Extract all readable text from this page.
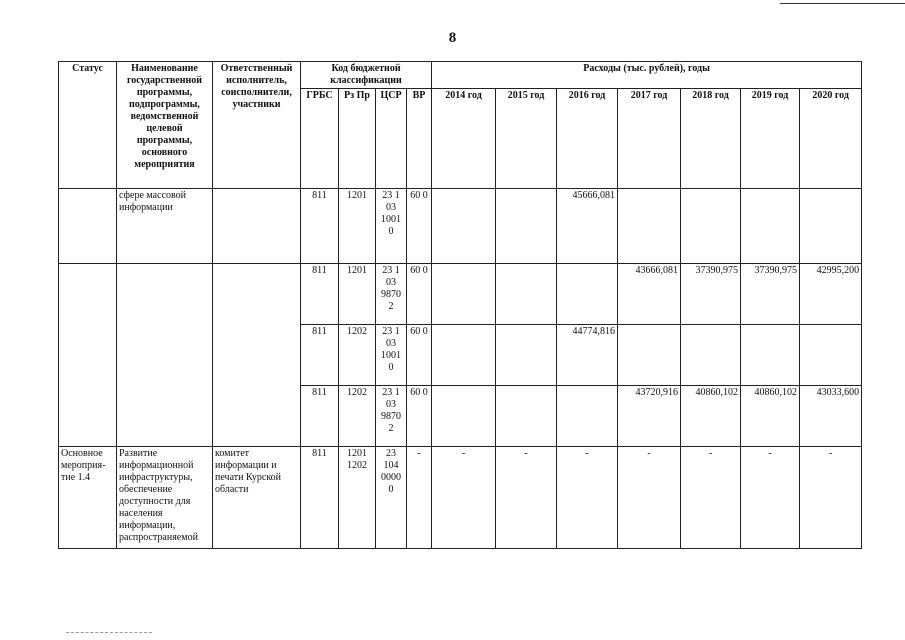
8
Статус	Наименование государственной программы, подпрограммы, ведомственной целевой программы, основного мероприятия	Ответственный исполнитель, соисполнители, участники	Код бюджетной классификации				Расходы (тыс. рублей), годы						
			ГРБС	Рз Пр	ЦСР	ВР	2014 год	2015 год	2016 год	2017 год	2018 год	2019 год	2020 год
	сфере массовой информации		811	1201	23 1 03 1001 0	60 0			45666,081				
			811	1201	23 1 03 9870 2	60 0				43666,081	37390,975	37390,975	42995,200
			811	1202	23 1 03 1001 0	60 0			44774,816				
			811	1202	23 1 03 9870 2	60 0				43720,916	40860,102	40860,102	43033,600
Основное мероприя-тие 1.4	Развитие информационной инфраструктуры, обеспечение доступности для населения информации, распространяемой	комитет информации и печати Курской области	811	1201 1202	23 104 0000 0	-	-	-	-	-	-	-	-
